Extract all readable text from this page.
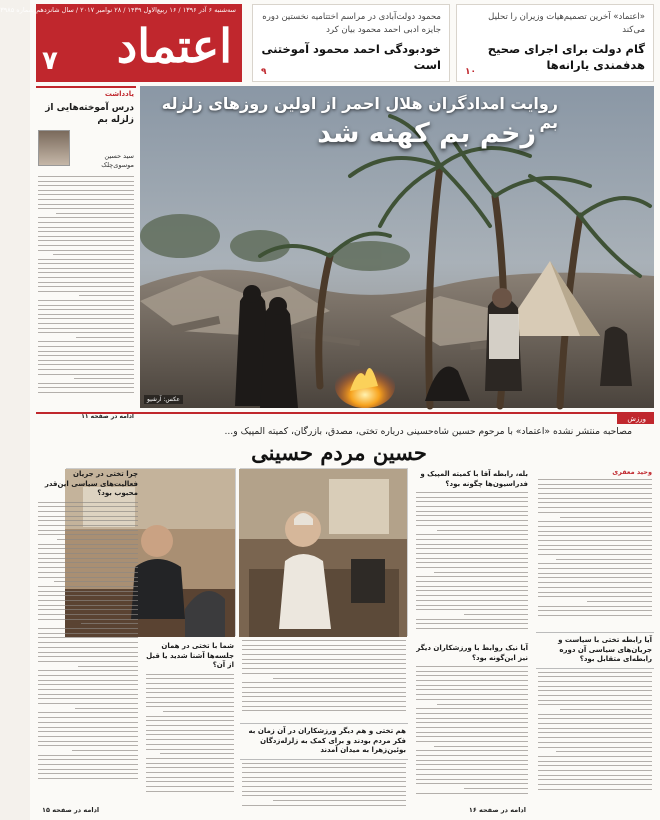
«اعتماد» آخرین تصمیم‌هیات وزیران را تحلیل می‌کند
گام دولت برای اجرای صحیح هدفمندی یارانه‌ها
۱۰
محمود دولت‌آبادی در مراسم اختتامیه نخستین دوره جایزه ادبی احمد محمود بیان کرد
خودبودگی احمد محمود آموختنی است
۹
سه‌شنبه ۶ آذر ۱۳۹۶ / ۱۶ ربیع‌الاول ۱۴۳۹ / ۲۸ نوامبر ۲۰۱۷ / سال شانزدهم شماره ۳۹۸۵
اعتماد
۷
یادداشت
درس آموخته‌هایی از زلزله بم
سید حسین موسوی‌چلک
ادامه در صفحه ۱۱
روایت امدادگران هلال احمر از اولین روزهای زلزله بم
زخم بم کهنه شد
عکس: آرشیو
ورزش
مصاحبه منتشر نشده «اعتماد» با مرحوم حسین شاه‌حسینی درباره تختی، مصدق، بازرگان، کمیته المپیک و...
حسین مردم حسینی
وحید معقری
آیا رابطه تختی با سیاست و جریان‌های سیاسی آن دوره رابطه‌ای متقابل بود؟
بله، رابطه آقا با کمیته المپیک و فدراسیون‌ها چگونه بود؟
آیا نیک روابط با ورزشکاران دیگر نیز این‌گونه بود؟
هم تختی و هم دیگر ورزشکاران در آن زمان به فکر مردم بودند و برای کمک به زلزله‌زدگان بوئین‌زهرا به میدان آمدند
شما با تختی در همان جلسه‌ها آشنا شدید یا قبل از آن؟
چرا تختی در جریان فعالیت‌های سیاسی این‌قدر محبوب بود؟
ادامه در صفحه ۱۵	ادامه در صفحه ۱۶
